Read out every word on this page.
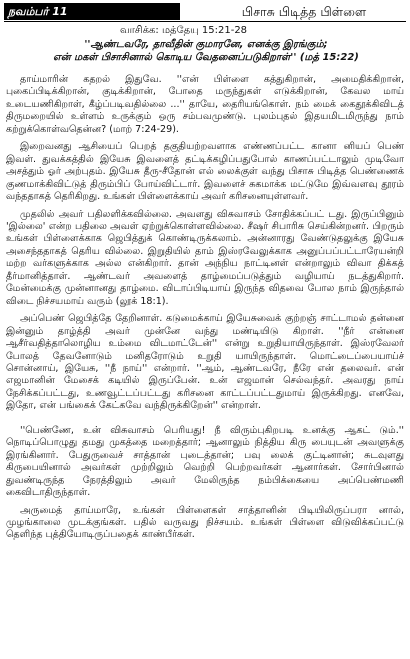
நவம்பர் 11	பிசாசு பிடித்த பிள்ளை
வாசிக்க: மத்தேயு 15:21-28
''ஆண்டவரே, தாவீதின் குமாரனே, எனக்கு இரங்கும்;
என் மகள் பிசாசினால் கொடிய வேதனைப்படுகிறாள்'' (மத் 15:22)

தாய்மாரின் கதறல் இதுவே. ''என் பிள்ளை கத்துகிறான், அமைதிக்கிறான், புகைப்பிடிக்கிறான், குடிக்கிறான், போதை மருந்துகள் எடுக்கிறான், கேவல மாய் உடையணிகிறாள், கீழ்ப்படிவதில்லை ...'' தாயே, தைரியங்கொள். நம் மைக் கைதூக்கிவிடத் திருமறையில் உள்ளம் உருக்கும் ஒரு சம்பவமுண்டு. புலம்புதல் இதயமிடமிருந்து நாம் கற்றுக்கொள்வதென்ன? (மாற் 7:24-29).

இறைவனது ஆசியைப் பெறத் தகுதியற்றவளாக எண்ணப்பட்ட கானா னியப் பெண் இவள். துவக்கத்தில் இயேசு இவளைத் தட்டிக்கழிப்பதுபோல் காணப்பட்டாலும் முடிவோ அசத்தும் ஓர் அற்புதம். இயேசு தீரு-சீதோன் எல் லைக்குள் வந்து பிசாசு பிடித்த பெண்ணைக் குணமாக்கிவிட்டுத் திரும்பிப் போய்விட்டார். இவளைச் சுகமாக்க மட்டுமே இவ்வளவு தூரம் வந்ததாகத் தெரிகிறது. உங்கள் பிள்ளைக்காய் அவர் கரிசனையுள்ளவர்.

முதலில் அவர் பதிலளிக்கவில்லை. அவளது விசுவாசம் சோதிக்கப்பட் டது. இருப்பினும் 'இல்லை' என்ற பதிலை அவள் ஏற்றுக்கொள்ளவில்லை. சீஷர் சிபாரிசு செய்கின்றனர். பிறரும் உங்கள் பிள்ளைக்காக ஜெபித்துக் கொண்டிருக்கலாம். அன்னாரது வேண்டுதலுக்கு இயேசு அசைந்ததாகத் தெரிய வில்லை. இறுதியில் தாம் இஸ்ரவேலுக்காக அனுப்பப்பட்டாரேயன்றி மற்ற வர்களுக்காக அல்ல என்கிறார். தான் அந்நிய நாட்டினள் என்றாலும் விவா திக்கத் தீர்மானித்தாள். ஆண்டவர் அவளைத் தாழ்மைப்படுத்தும் வழியாய் நடத்துகிறார். மேன்மைக்கு முன்னானது தாழ்மை. விடாப்பிடியாய் இருந்த விதவை போல நாம் இருந்தால் விடை நிச்சயமாய் வரும் (லூக் 18:1).

அப்பெண் ஜெபித்தே தேறினாள். கடுமைக்காய் இயேசுவைக் குற்றஞ் சாட்டாமல் தன்னை இன்னும் தாழ்த்தி அவர் முன்னே வந்து மண்டியிடு கிறாள். ''நீர் என்னை ஆசீர்வதித்தாலொழிய உம்மை விடமாட்டேன்'' என்று உறுதியாயிருந்தாள். இஸ்ரவேலர் போலத் தேவனோடும் மனிதரோடும் உறுதி யாயிருந்தாள். மொட்டைப்பையாய்ச் சொன்னாய், இயேசு, ''நீ நாய்'' என்றார். ''ஆம், ஆண்டவரே, நீரே என் தலைவர். என் எஜமானின் மேசைக் கடியில் இருப்பேன். உன் எஜமான் செல்வந்தர். அவரது நாய் நேசிக்கப்பட்டது, உணவூட்டப்பட்டது கரிசனை காட்டப்பட்டதுமாய் இருக்கிறது. எனவே, இதோ, என் பங்கைக் கேட்கவே வந்திருக்கிறேன்'' என்றாள்.

''பெண்ணே, உன் விசுவாசம் பெரியது! நீ விரும்புகிறபடி உனக்கு ஆகட் டும்.'' நொடிப்பொழுது தமது முகத்தை மறைத்தார்; ஆனாலும் நித்திய கிரு பையுடன் அவளுக்கு இரங்கினார். பேதுருவைச் சாத்தான் புடைத்தான்; பவு லைக் குட்டினான்; சுடவுளது கிருபையினால் அவர்கள் முற்றிலும் வெற்றி பெற்றவர்கள் ஆனார்கள். சோர்பினால் துவண்டிருந்த நேரத்திலும் அவர் மேலிருந்த நம்பிக்கையை அப்பெண்மணி கைவிடாதிருந்தாள்.

அருமைத் தாய்மாரே, உங்கள் பிள்ளைகள் சாத்தானின் பிடியிலிருப்பரா னால், முழங்காலை முடக்குங்கள். பதில் வருவது நிச்சயம். உங்கள் பிள்ளை விடுவிக்கப்பட்டு தெளிந்த புத்தியோடிருப்பதைக் காண்பீர்கள்.
